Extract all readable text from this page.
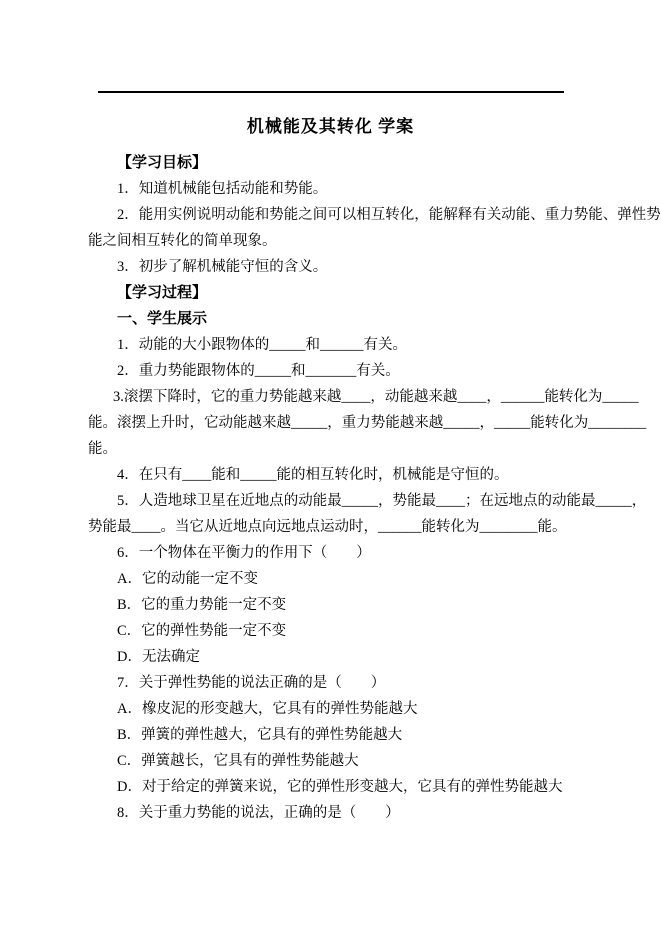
机械能及其转化 学案
【学习目标】
1．知道机械能包括动能和势能。
2．能用实例说明动能和势能之间可以相互转化，能解释有关动能、重力势能、弹性势
能之间相互转化的简单现象。
3．初步了解机械能守恒的含义。
【学习过程】
一、学生展示
1．动能的大小跟物体的_____和______有关。
2．重力势能跟物体的_____和_______有关。
3.滚摆下降时，它的重力势能越来越____，动能越来越____，______能转化为_____
能。滚摆上升时，它动能越来越_____，重力势能越来越_____，_____能转化为________
能。
4．在只有____能和_____能的相互转化时，机械能是守恒的。
5．人造地球卫星在近地点的动能最_____，势能最____；在远地点的动能最_____，
势能最____。当它从近地点向远地点运动时，______能转化为________能。
6．一个物体在平衡力的作用下（　　）
A．它的动能一定不变
B．它的重力势能一定不变
C．它的弹性势能一定不变
D．无法确定
7．关于弹性势能的说法正确的是（　　）
A．橡皮泥的形变越大，它具有的弹性势能越大
B．弹簧的弹性越大，它具有的弹性势能越大
C．弹簧越长，它具有的弹性势能越大
D．对于给定的弹簧来说，它的弹性形变越大，它具有的弹性势能越大
8．关于重力势能的说法，正确的是（　　）
